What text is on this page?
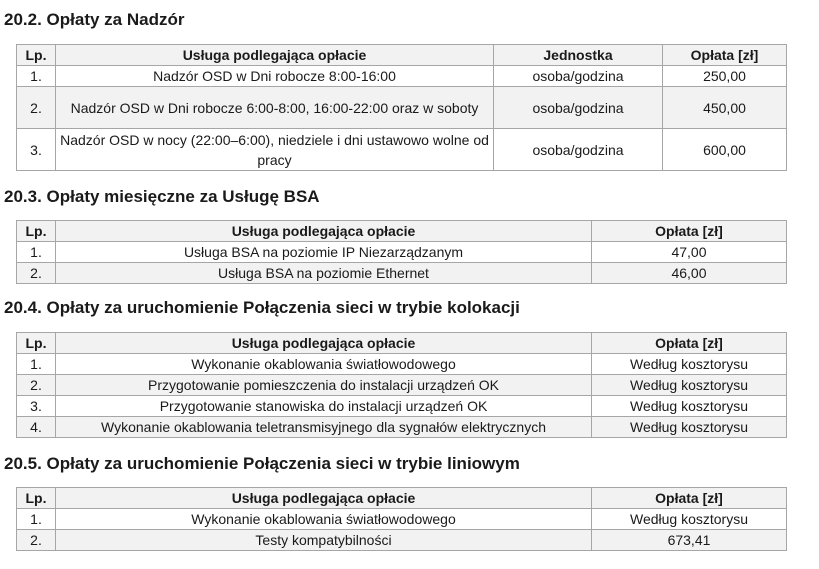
20.2. Opłaty za Nadzór
Lp.	Usługa podlegająca opłacie	Jednostka	Opłata [zł]
1.	Nadzór OSD w Dni robocze 8:00-16:00	osoba/godzina	250,00
2.	Nadzór OSD w Dni robocze 6:00-8:00, 16:00-22:00 oraz w soboty	osoba/godzina	450,00
3.	Nadzór OSD w nocy (22:00–6:00), niedziele i dni ustawowo wolne od pracy	osoba/godzina	600,00
20.3. Opłaty miesięczne za Usługę BSA
Lp.	Usługa podlegająca opłacie	Opłata [zł]
1.	Usługa BSA na poziomie IP Niezarządzanym	47,00
2.	Usługa BSA na poziomie Ethernet	46,00
20.4. Opłaty za uruchomienie Połączenia sieci w trybie kolokacji
Lp.	Usługa podlegająca opłacie	Opłata [zł]
1.	Wykonanie okablowania światłowodowego	Według kosztorysu
2.	Przygotowanie pomieszczenia do instalacji urządzeń OK	Według kosztorysu
3.	Przygotowanie stanowiska do instalacji urządzeń OK	Według kosztorysu
4.	Wykonanie okablowania teletransmisyjnego dla sygnałów elektrycznych	Według kosztorysu
20.5. Opłaty za uruchomienie Połączenia sieci w trybie liniowym
Lp.	Usługa podlegająca opłacie	Opłata [zł]
1.	Wykonanie okablowania światłowodowego	Według kosztorysu
2.	Testy kompatybilności	673,41
